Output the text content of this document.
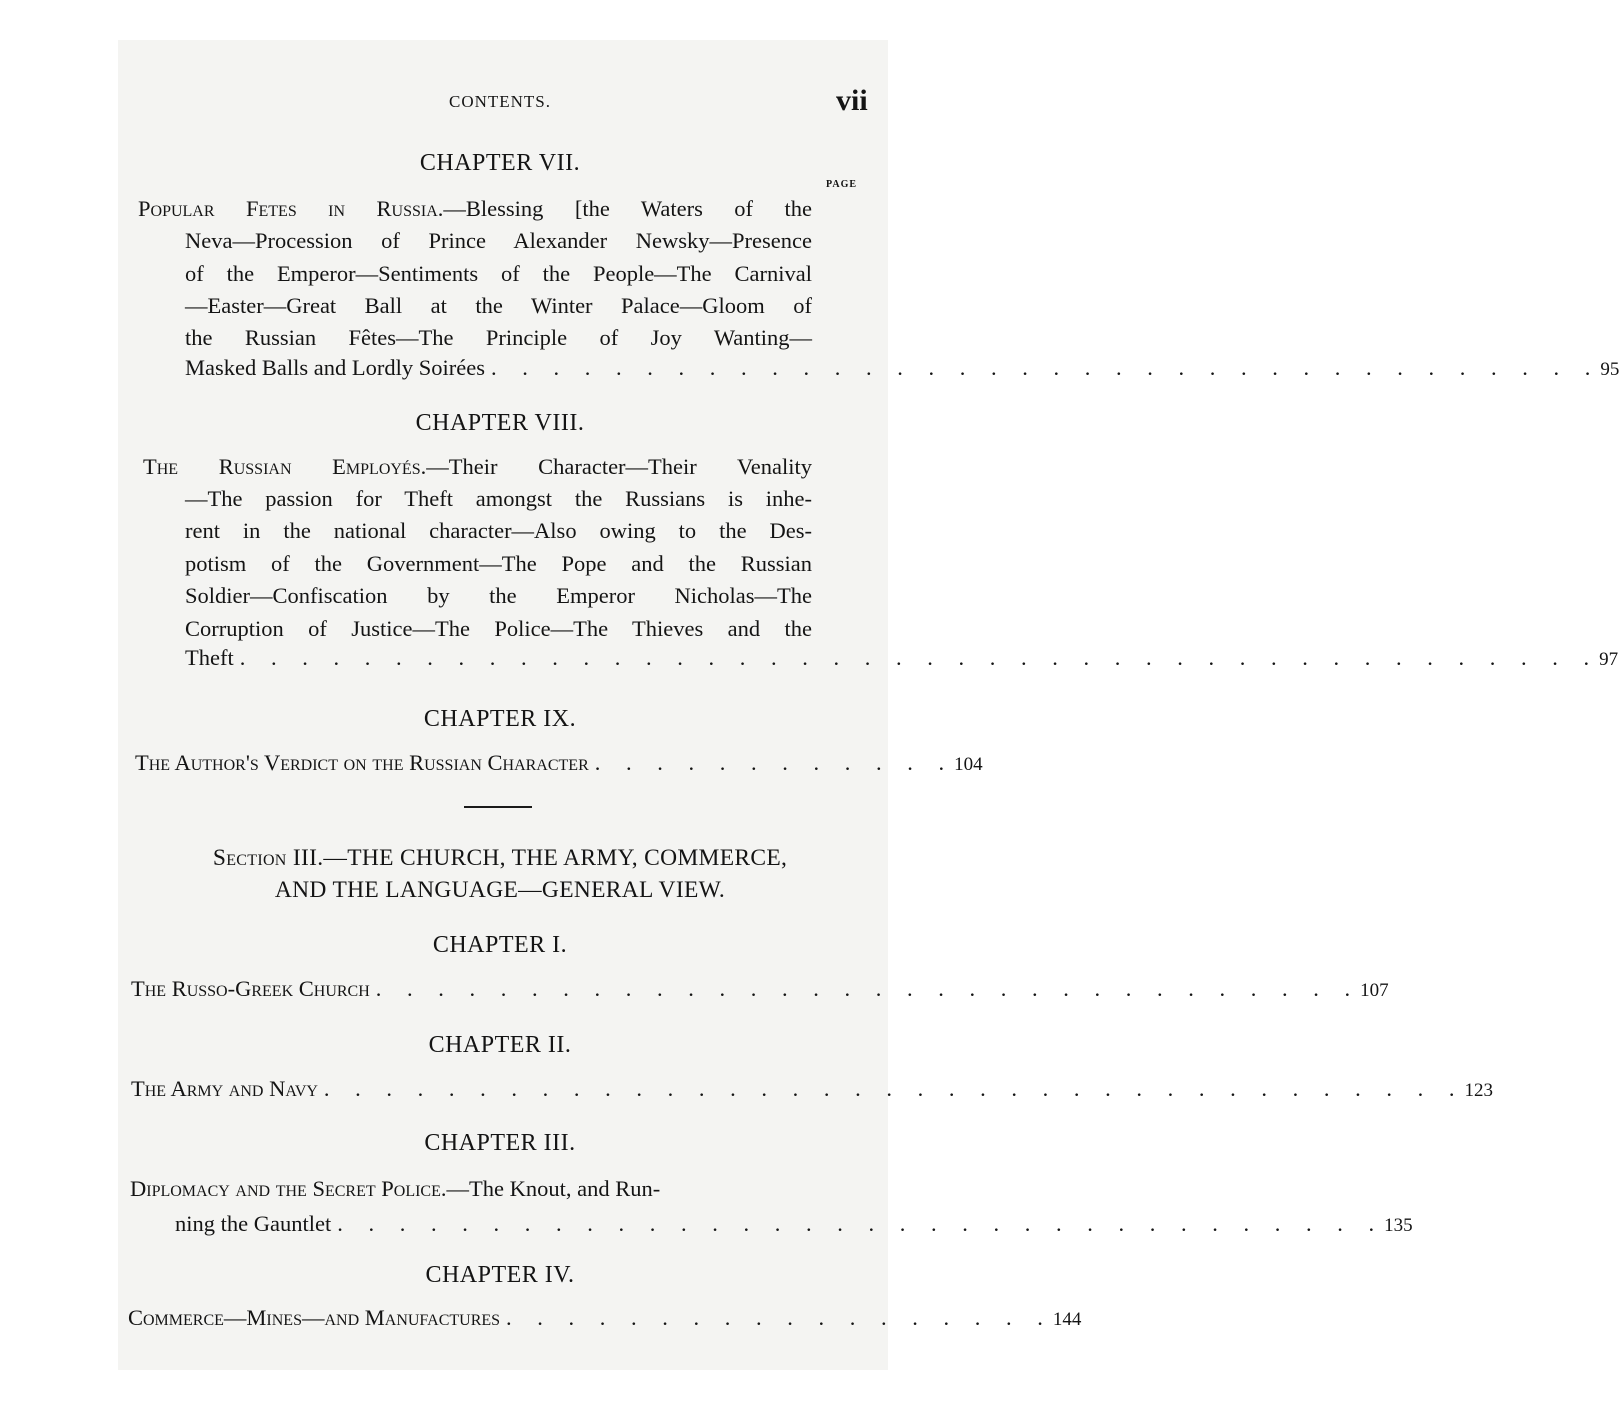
CONTENTS.	vii
PAGE
CHAPTER VII.
Popular Fetes in Russia.—Blessing [the Waters of the
Neva—Procession of Prince Alexander Newsky—Presence
of the Emperor—Sentiments of the People—The Carnival
—Easter—Great Ball at the Winter Palace—Gloom of
the Russian Fêtes—The Principle of Joy Wanting—
Masked Balls and Lordly Soirées . . . . . . . . . . . . . . . . . . . . . . . . . . . . . . . . . . . . 95
CHAPTER VIII.
The Russian Employés.—Their Character—Their Venality
—The passion for Theft amongst the Russians is inhe-
rent in the national character—Also owing to the Des-
potism of the Government—The Pope and the Russian
Soldier—Confiscation by the Emperor Nicholas—The
Corruption of Justice—The Police—The Thieves and the
Theft . . . . . . . . . . . . . . . . . . . . . . . . . . . . . . . . . . . . . . . . . . . . 97
CHAPTER IX.
The Author's Verdict on the Russian Character . . . . . . . . . . . . 104
Section III.—THE CHURCH, THE ARMY, COMMERCE,
AND THE LANGUAGE—GENERAL VIEW.
CHAPTER I.
The Russo-Greek Church . . . . . . . . . . . . . . . . . . . . . . . . . . . . . . . . 107
CHAPTER II.
The Army and Navy . . . . . . . . . . . . . . . . . . . . . . . . . . . . . . . . . . . . . 123
CHAPTER III.
Diplomacy and the Secret Police.—The Knout, and Run-
ning the Gauntlet . . . . . . . . . . . . . . . . . . . . . . . . . . . . . . . . . . 135
CHAPTER IV.
Commerce—Mines—and Manufactures . . . . . . . . . . . . . . . . . . 144
